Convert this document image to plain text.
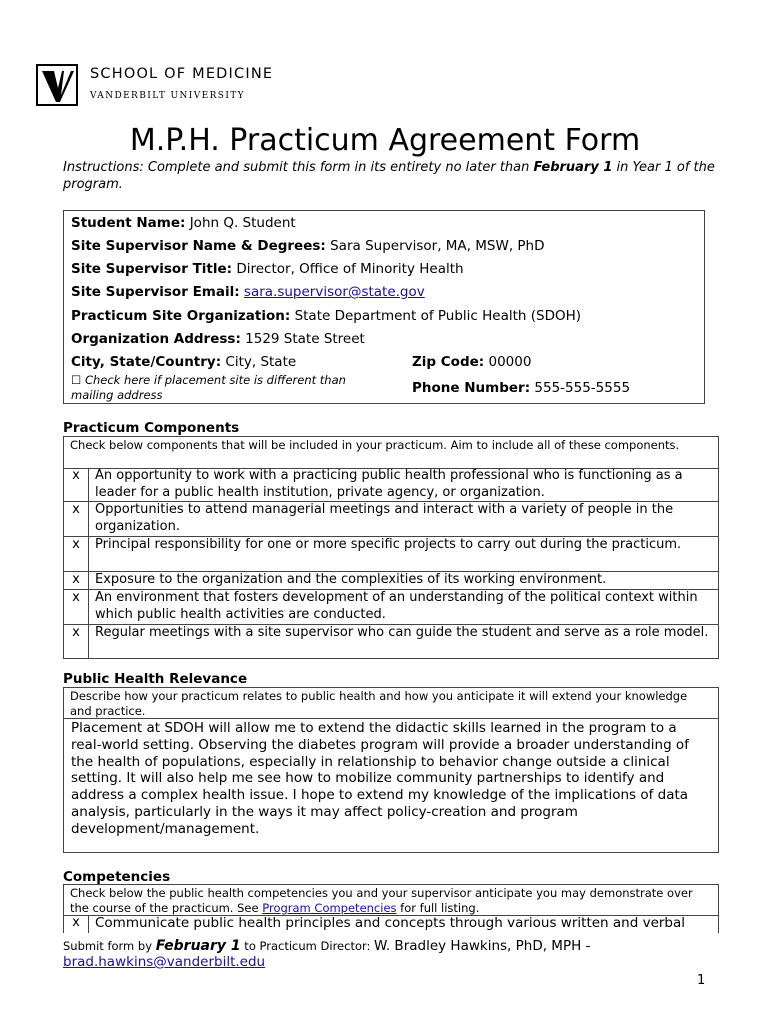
SCHOOL OF MEDICINE
VANDERBILT UNIVERSITY
M.P.H. Practicum Agreement Form
Instructions: Complete and submit this form in its entirety no later than February 1 in Year 1 of the program.
Student Name: John Q. Student
Site Supervisor Name & Degrees: Sara Supervisor, MA, MSW, PhD
Site Supervisor Title: Director, Office of Minority Health
Site Supervisor Email: sara.supervisor@state.gov
Practicum Site Organization: State Department of Public Health (SDOH)
Organization Address: 1529 State Street
City, State/Country: City, State	Zip Code: 00000
☐ Check here if placement site is different than mailing address	Phone Number: 555-555-5555
Practicum Components
Check below components that will be included in your practicum. Aim to include all of these components.
x	An opportunity to work with a practicing public health professional who is functioning as a leader for a public health institution, private agency, or organization.
x	Opportunities to attend managerial meetings and interact with a variety of people in the organization.
x	Principal responsibility for one or more specific projects to carry out during the practicum.
x	Exposure to the organization and the complexities of its working environment.
x	An environment that fosters development of an understanding of the political context within which public health activities are conducted.
x	Regular meetings with a site supervisor who can guide the student and serve as a role model.
Public Health Relevance
Describe how your practicum relates to public health and how you anticipate it will extend your knowledge and practice.
Placement at SDOH will allow me to extend the didactic skills learned in the program to a real-world setting. Observing the diabetes program will provide a broader understanding of the health of populations, especially in relationship to behavior change outside a clinical setting. It will also help me see how to mobilize community partnerships to identify and address a complex health issue. I hope to extend my knowledge of the implications of data analysis, particularly in the ways it may affect policy-creation and program development/management.
Competencies
Check below the public health competencies you and your supervisor anticipate you may demonstrate over the course of the practicum. See Program Competencies for full listing.
x	Communicate public health principles and concepts through various written and verbal
Submit form by February 1 to Practicum Director: W. Bradley Hawkins, PhD, MPH -
brad.hawkins@vanderbilt.edu
1
